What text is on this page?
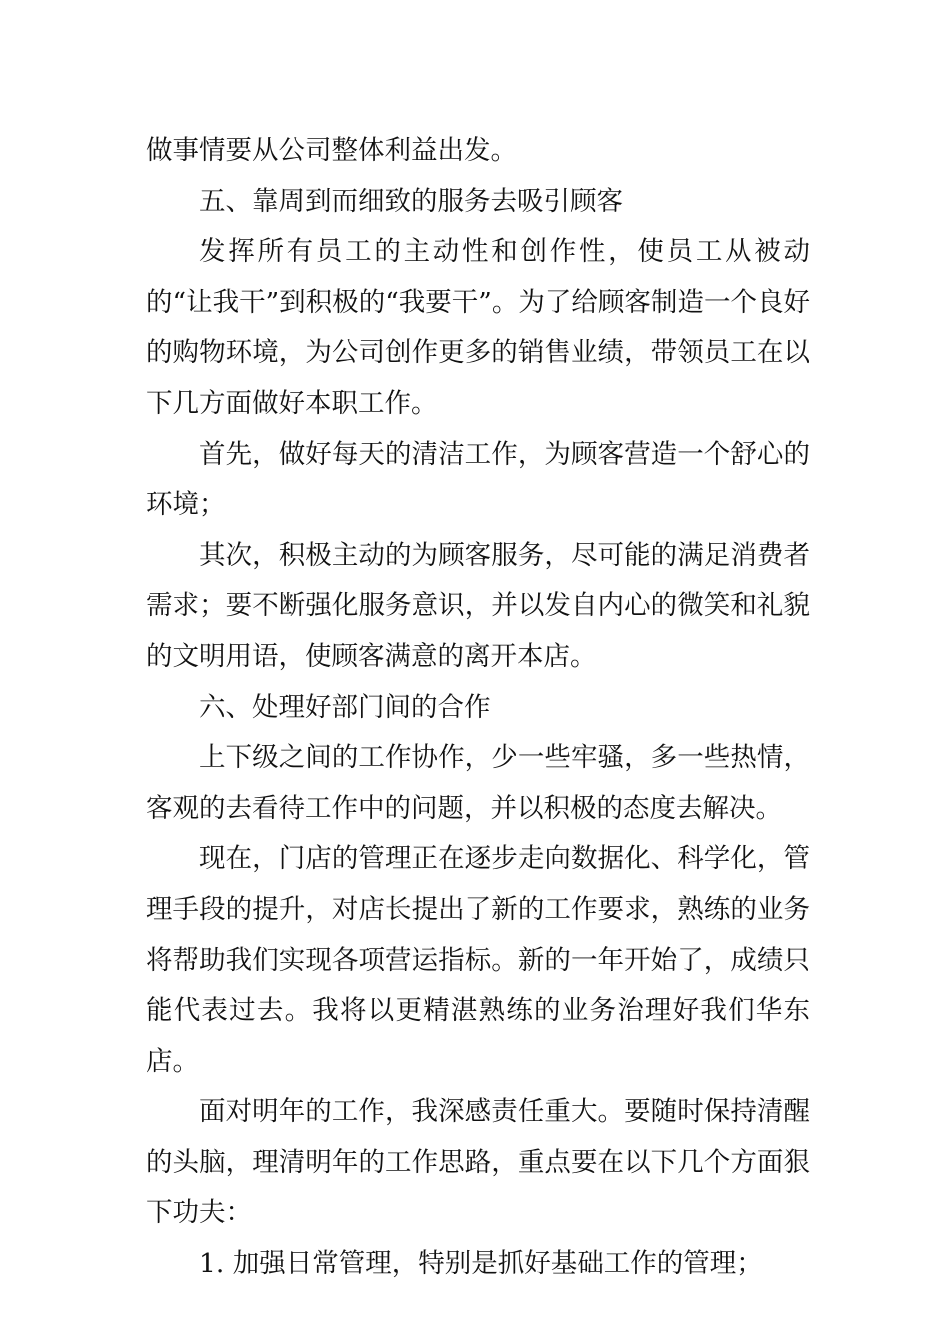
做事情要从公司整体利益出发。

五、靠周到而细致的服务去吸引顾客

发挥所有员工的主动性和创作性，使员工从被动的“让我干”到积极的“我要干”。为了给顾客制造一个良好的购物环境，为公司创作更多的销售业绩，带领员工在以下几方面做好本职工作。

首先，做好每天的清洁工作，为顾客营造一个舒心的环境；

其次，积极主动的为顾客服务，尽可能的满足消费者需求；要不断强化服务意识，并以发自内心的微笑和礼貌的文明用语，使顾客满意的离开本店。

六、处理好部门间的合作

上下级之间的工作协作，少一些牢骚，多一些热情，客观的去看待工作中的问题，并以积极的态度去解决。

现在，门店的管理正在逐步走向数据化、科学化，管理手段的提升，对店长提出了新的工作要求，熟练的业务将帮助我们实现各项营运指标。新的一年开始了，成绩只能代表过去。我将以更精湛熟练的业务治理好我们华东店。

面对明年的工作，我深感责任重大。要随时保持清醒的头脑，理清明年的工作思路，重点要在以下几个方面狠下功夫：

1. 加强日常管理，特别是抓好基础工作的管理；
